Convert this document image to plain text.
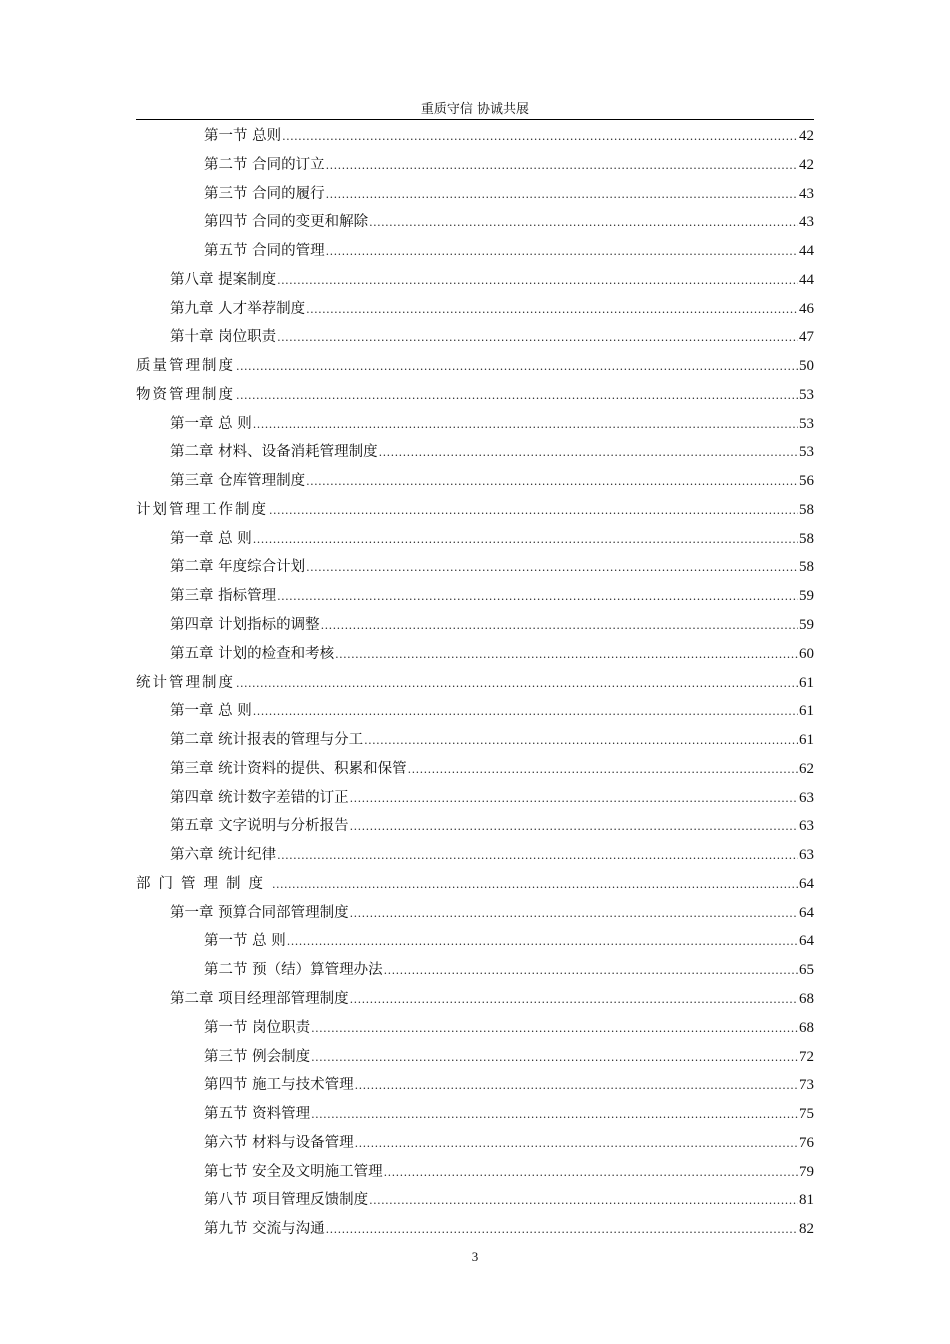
重质守信 协诚共展
第一节 总则 .....	42
第二节 合同的订立 .....	42
第三节 合同的履行 .....	43
第四节 合同的变更和解除 .....	43
第五节 合同的管理 .....	44
第八章 提案制度 .....	44
第九章 人才举荐制度 .....	46
第十章 岗位职责 .....	47
质量管理制度 .....	50
物资管理制度 .....	53
第一章 总 则 .....	53
第二章 材料、设备消耗管理制度 .....	53
第三章 仓库管理制度 .....	56
计划管理工作制度 .....	58
第一章 总 则 .....	58
第二章 年度综合计划 .....	58
第三章 指标管理 .....	59
第四章 计划指标的调整 .....	59
第五章 计划的检查和考核 .....	60
统计管理制度 .....	61
第一章 总 则 .....	61
第二章 统计报表的管理与分工 .....	61
第三章 统计资料的提供、积累和保管 .....	62
第四章 统计数字差错的订正 .....	63
第五章 文字说明与分析报告 .....	63
第六章 统计纪律 .....	63
部门管理制度 .....	64
第一章 预算合同部管理制度 .....	64
第一节 总 则 .....	64
第二节 预（结）算管理办法 .....	65
第二章 项目经理部管理制度 .....	68
第一节 岗位职责 .....	68
第三节 例会制度 .....	72
第四节 施工与技术管理 .....	73
第五节 资料管理 .....	75
第六节 材料与设备管理 .....	76
第七节 安全及文明施工管理 .....	79
第八节 项目管理反馈制度 .....	81
第九节 交流与沟通 .....	82
3
